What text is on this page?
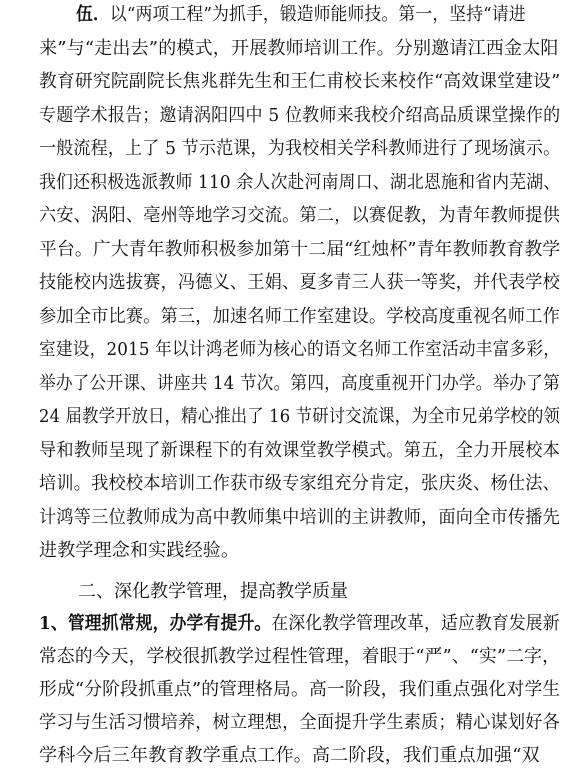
伍．以“两项工程”为抓手，锻造师能师技。第一，坚持“请进
来”与“走出去”的模式，开展教师培训工作。分别邀请江西金太阳
教育研究院副院长焦兆群先生和王仁甫校长来校作“高效课堂建设”
专题学术报告；邀请涡阳四中 5 位教师来我校介绍高品质课堂操作的
一般流程，上了 5 节示范课，为我校相关学科教师进行了现场演示。
我们还积极选派教师 110 余人次赴河南周口、湖北恩施和省内芜湖、
六安、涡阳、亳州等地学习交流。第二，以赛促教，为青年教师提供
平台。广大青年教师积极参加第十二届“红烛杯”青年教师教育教学
技能校内选拔赛，冯德义、王娟、夏多青三人获一等奖，并代表学校
参加全市比赛。第三，加速名师工作室建设。学校高度重视名师工作
室建设，2015 年以计鸿老师为核心的语文名师工作室活动丰富多彩，
举办了公开课、讲座共 14 节次。第四，高度重视开门办学。举办了第
24 届教学开放日，精心推出了 16 节研讨交流课，为全市兄弟学校的领
导和教师呈现了新课程下的有效课堂教学模式。第五，全力开展校本
培训。我校校本培训工作获市级专家组充分肯定，张庆炎、杨仕法、
计鸿等三位教师成为高中教师集中培训的主讲教师，面向全市传播先
进教学理念和实践经验。
二、深化教学管理，提高教学质量
1、管理抓常规，办学有提升。在深化教学管理改革，适应教育发展新
常态的今天，学校很抓教学过程性管理，着眼于“严”、“实”二字，
形成“分阶段抓重点”的管理格局。高一阶段，我们重点强化对学生
学习与生活习惯培养，树立理想，全面提升学生素质；精心谋划好各
学科今后三年教育教学重点工作。高二阶段，我们重点加强“双
